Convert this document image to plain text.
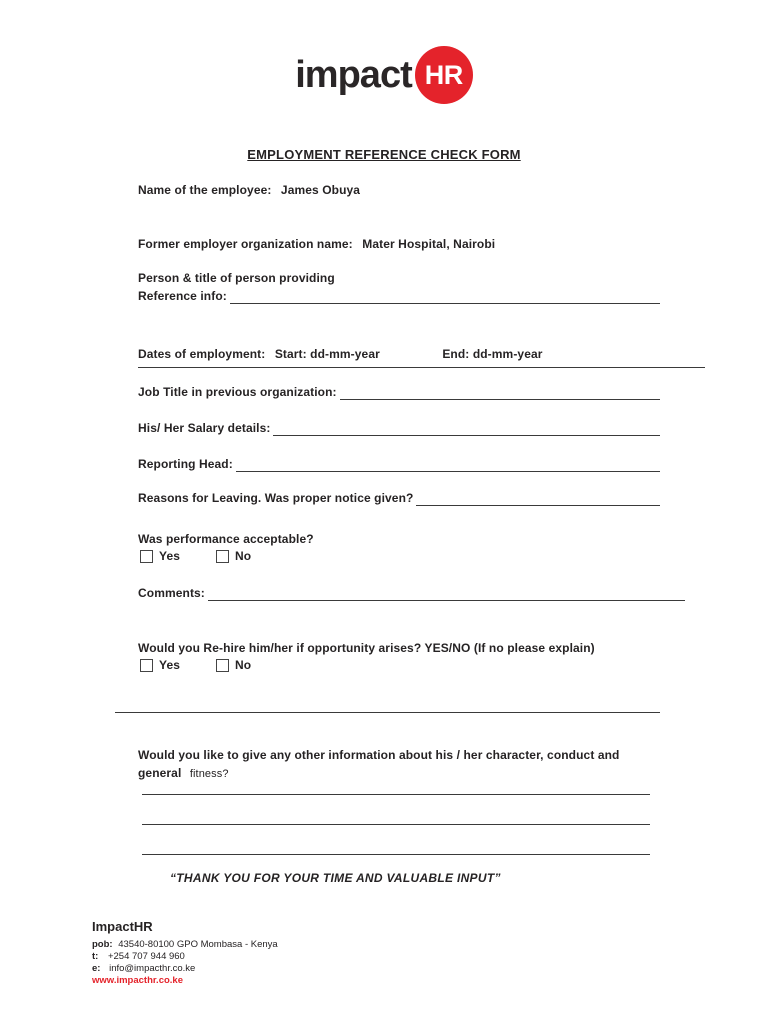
impact HR
EMPLOYMENT REFERENCE CHECK FORM
Name of the employee: James Obuya
Former employer organization name: Mater Hospital, Nairobi
Person & title of person providing
Reference info:
Dates of employment: Start: dd-mm-year	End: dd-mm-year
Job Title in previous organization:
His/ Her Salary details:
Reporting Head:
Reasons for Leaving. Was proper notice given?
Was performance acceptable?
Yes	No
Comments:
Would you Re-hire him/her if opportunity arises? YES/NO (If no please explain)
Yes	No
Would you like to give any other information about his / her character, conduct and
general fitness?
“THANK YOU FOR YOUR TIME AND VALUABLE INPUT”
ImpactHR
pob: 43540-80100 GPO Mombasa - Kenya
t: +254 707 944 960
e: info@impacthr.co.ke
www.impacthr.co.ke
